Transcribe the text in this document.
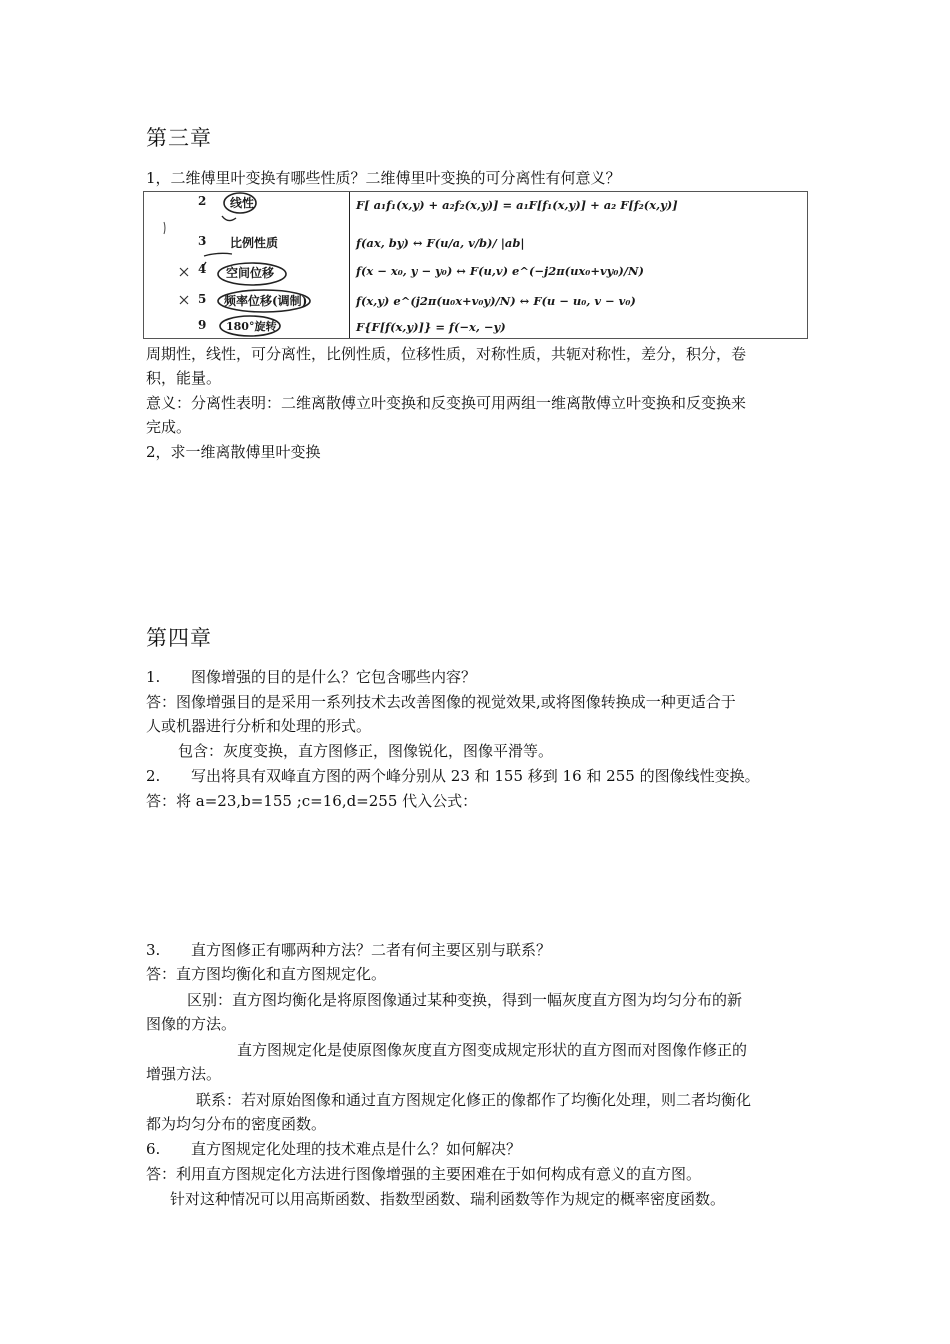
第三章
1，二维傅里叶变换有哪些性质？二维傅里叶变换的可分离性有何意义？
2 线性	F[ a₁f₁(x,y) + a₂f₂(x,y)] = a₁F[f₁(x,y)] + a₂ F[f₂(x,y)]
3 比例性质	f(ax, by) ↔ F(u/a, v/b)/ |ab|
4 空间位移	f(x − x₀, y − y₀) ↔ F(u,v) e^(−j2π(ux₀+vy₀)/N)
5 频率位移(调制)	f(x,y) e^(j2π(u₀x+v₀y)/N) ↔ F(u − u₀, v − v₀)
9 180°旋转	F{F[f(x,y)]} = f(−x, −y)
周期性，线性，可分离性，比例性质，位移性质，对称性质，共轭对称性，差分，积分，卷
积，能量。
意义：分离性表明：二维离散傅立叶变换和反变换可用两组一维离散傅立叶变换和反变换来
完成。
2，求一维离散傅里叶变换
第四章
1. 图像增强的目的是什么？它包含哪些内容？
答：图像增强目的是采用一系列技术去改善图像的视觉效果,或将图像转换成一种更适合于
人或机器进行分析和处理的形式。
包含：灰度变换，直方图修正，图像锐化，图像平滑等。
2. 写出将具有双峰直方图的两个峰分别从 23 和 155 移到 16 和 255 的图像线性变换。
答：将 a=23,b=155 ;c=16,d=255 代入公式：
3. 直方图修正有哪两种方法？二者有何主要区别与联系？
答：直方图均衡化和直方图规定化。
区别：直方图均衡化是将原图像通过某种变换，得到一幅灰度直方图为均匀分布的新
图像的方法。
直方图规定化是使原图像灰度直方图变成规定形状的直方图而对图像作修正的
增强方法。
联系：若对原始图像和通过直方图规定化修正的像都作了均衡化处理，则二者均衡化
都为均匀分布的密度函数。
6. 直方图规定化处理的技术难点是什么？如何解决？
答：利用直方图规定化方法进行图像增强的主要困难在于如何构成有意义的直方图。
针对这种情况可以用高斯函数、指数型函数、瑞利函数等作为规定的概率密度函数。
